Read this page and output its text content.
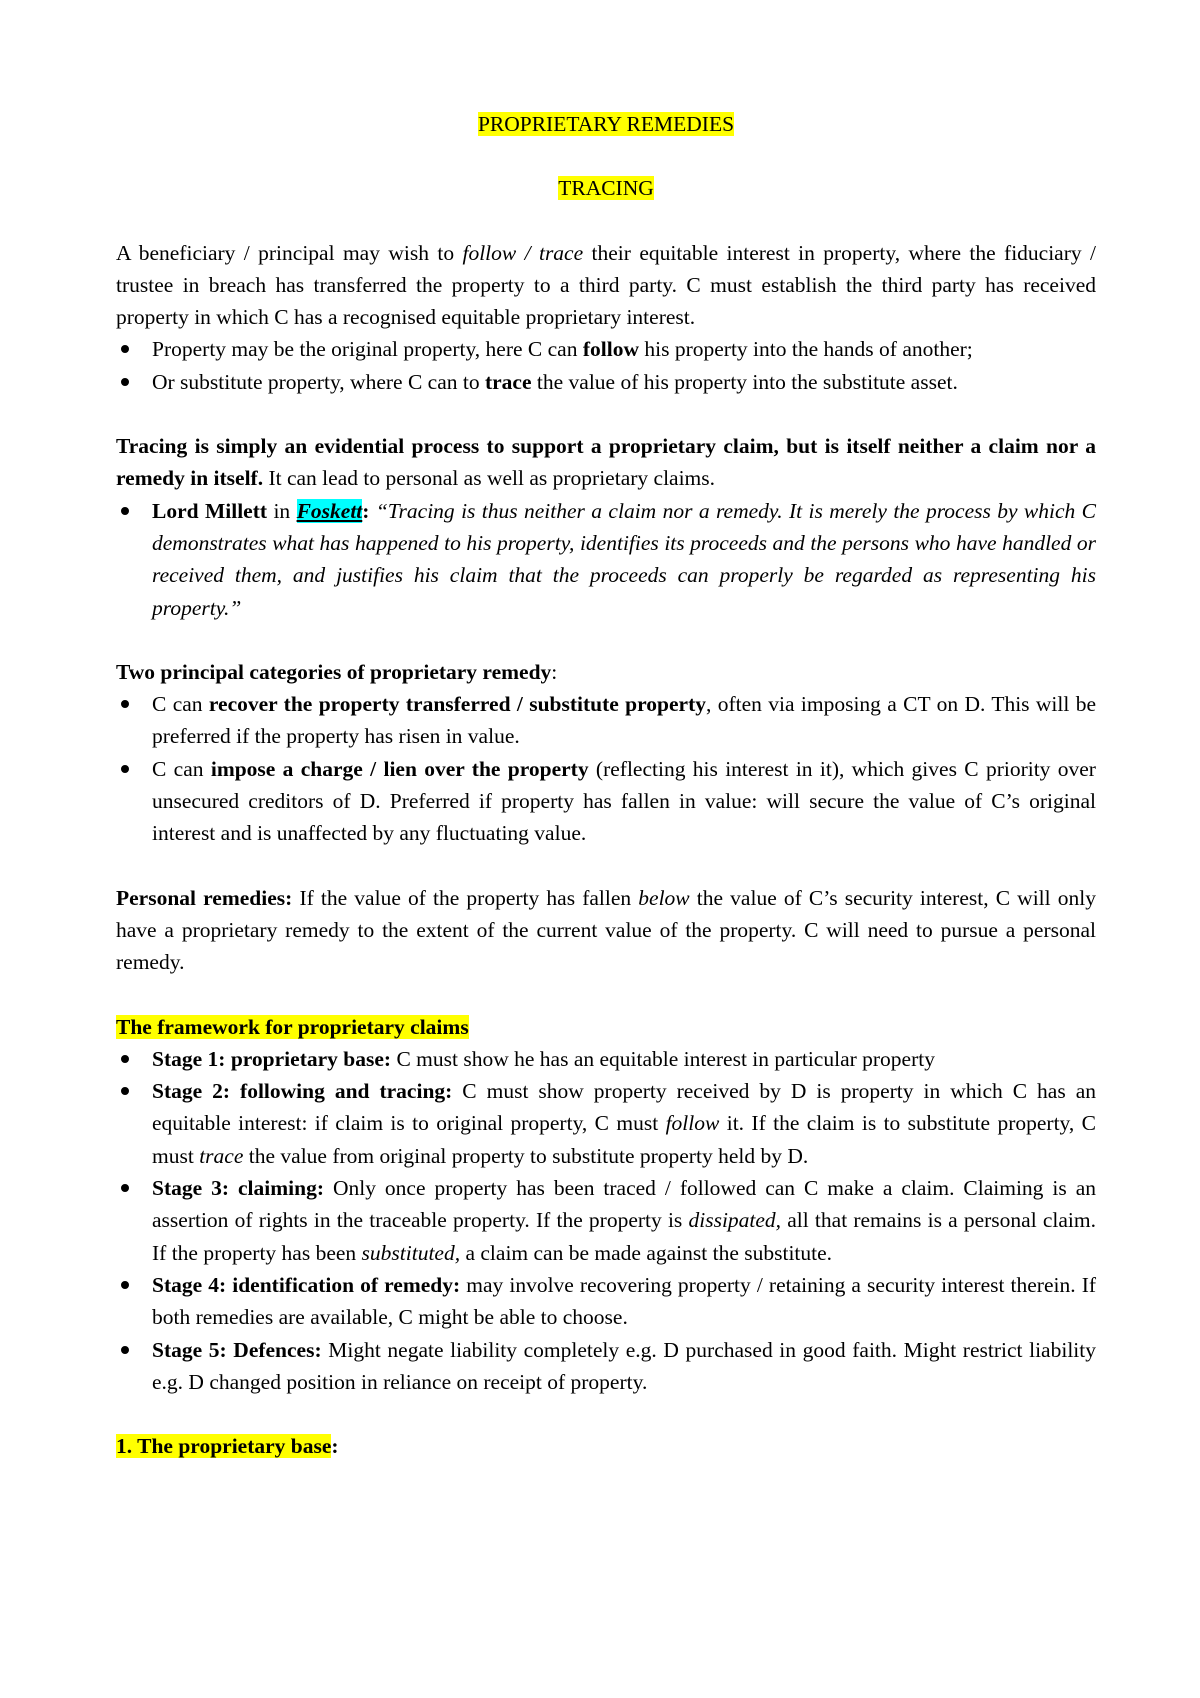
PROPRIETARY REMEDIES

TRACING

A beneficiary / principal may wish to follow / trace their equitable interest in property, where the fiduciary / trustee in breach has transferred the property to a third party. C must establish the third party has received property in which C has a recognised equitable proprietary interest.

Property may be the original property, here C can follow his property into the hands of another;
Or substitute property, where C can to trace the value of his property into the substitute asset.

Tracing is simply an evidential process to support a proprietary claim, but is itself neither a claim nor a remedy in itself. It can lead to personal as well as proprietary claims.

Lord Millett in Foskett: “Tracing is thus neither a claim nor a remedy. It is merely the process by which C demonstrates what has happened to his property, identifies its proceeds and the persons who have handled or received them, and justifies his claim that the proceeds can properly be regarded as representing his property.”

Two principal categories of proprietary remedy:

C can recover the property transferred / substitute property, often via imposing a CT on D. This will be preferred if the property has risen in value.
C can impose a charge / lien over the property (reflecting his interest in it), which gives C priority over unsecured creditors of D. Preferred if property has fallen in value: will secure the value of C’s original interest and is unaffected by any fluctuating value.

Personal remedies: If the value of the property has fallen below the value of C’s security interest, C will only have a proprietary remedy to the extent of the current value of the property. C will need to pursue a personal remedy.

The framework for proprietary claims

Stage 1: proprietary base: C must show he has an equitable interest in particular property
Stage 2: following and tracing: C must show property received by D is property in which C has an equitable interest: if claim is to original property, C must follow it. If the claim is to substitute property, C must trace the value from original property to substitute property held by D.
Stage 3: claiming: Only once property has been traced / followed can C make a claim. Claiming is an assertion of rights in the traceable property. If the property is dissipated, all that remains is a personal claim. If the property has been substituted, a claim can be made against the substitute.
Stage 4: identification of remedy: may involve recovering property / retaining a security interest therein. If both remedies are available, C might be able to choose.
Stage 5: Defences: Might negate liability completely e.g. D purchased in good faith. Might restrict liability e.g. D changed position in reliance on receipt of property.

1. The proprietary base:
